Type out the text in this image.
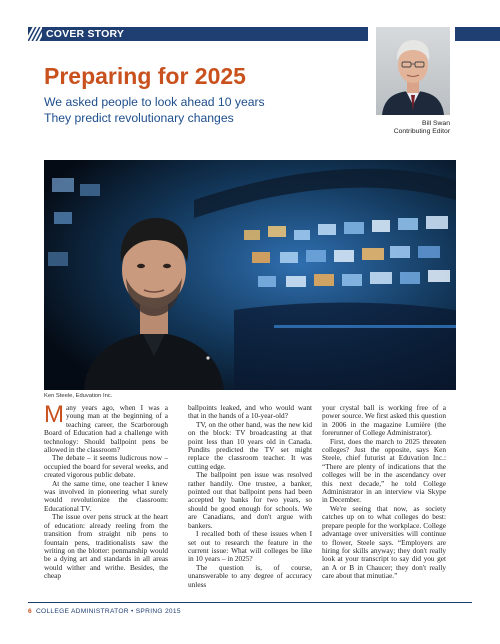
COVER STORY
Bill Swan
Contributing Editor
Preparing for 2025
We asked people to look ahead 10 years
They predict revolutionary changes
Ken Steele, Eduvation Inc.

Many years ago, when I was a young man at the beginning of a teaching career, the Scarborough Board of Education had a challenge with technology: Should ballpoint pens be allowed in the classroom?

The debate – it seems ludicrous now – occupied the board for several weeks, and created vigorous public debate.

At the same time, one teacher I knew was involved in pioneering what surely would revolutionize the classroom: Educational TV.

The issue over pens struck at the heart of education: already reeling from the transition from straight nib pens to fountain pens, traditionalists saw the writing on the blotter: penmanship would be a dying art and standards in all areas would wither and writhe. Besides, the cheap

ballpoints leaked, and who would want that in the hands of a 10-year-old?

TV, on the other hand, was the new kid on the block: TV broadcasting at that point less than 10 years old in Canada. Pundits predicted the TV set might replace the classroom teacher. It was cutting edge.

The ballpoint pen issue was resolved rather handily. One trustee, a banker, pointed out that ballpoint pens had been accepted by banks for two years, so should be good enough for schools. We are Canadians, and don't argue with bankers.

I recalled both of these issues when I set out to research the feature in the current issue: What will colleges be like in 10 years – in 2025?

The question is, of course, unanswerable to any degree of accuracy unless

your crystal ball is working free of a power source. We first asked this question in 2006 in the magazine Lumière (the forerunner of College Administrator).

First, does the march to 2025 threaten colleges? Just the opposite, says Ken Steele, chief futurist at Eduvation Inc.: “There are plenty of indications that the colleges will be in the ascendancy over this next decade,” he told College Administrator in an interview via Skype in December.

We're seeing that now, as society catches up on to what colleges do best: prepare people for the workplace. College advantage over universities will continue to flower, Steele says. “Employers are hiring for skills anyway; they don't really look at your transcript to say did you get an A or B in Chaucer; they don't really care about that minutiae.”

6 COLLEGE ADMINISTRATOR • SPRING 2015
